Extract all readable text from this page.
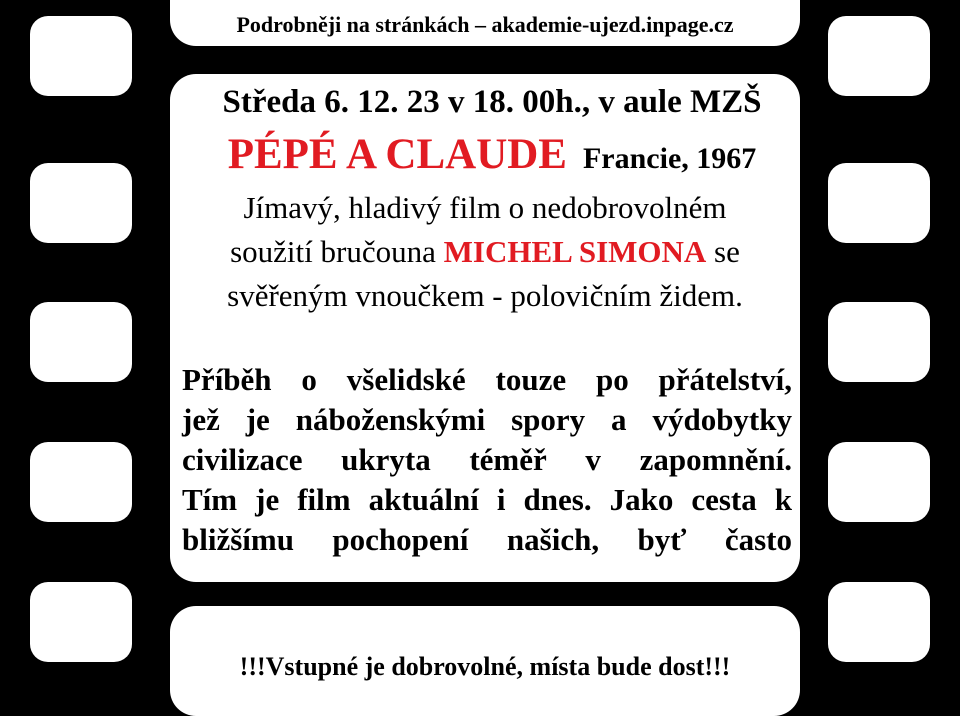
Podrobněji na stránkách – akademie-ujezd.inpage.cz
Středa 6. 12. 23 v 18. 00h., v aule MZŠ
PÉPÉ A CLAUDE Francie, 1967
Jímavý, hladivý film o nedobrovolném
soužití bručouna MICHEL SIMONA se
svěřeným vnoučkem - polovičním židem.

Příběh o všelidské touze po přátelství,

jež je náboženskými spory a výdobytky

civilizace ukryta téměř v zapomnění.

Tím je film aktuální i dnes. Jako cesta k

bližšímu pochopení našich, byť často

!!!Vstupné je dobrovolné, místa bude dost!!!
